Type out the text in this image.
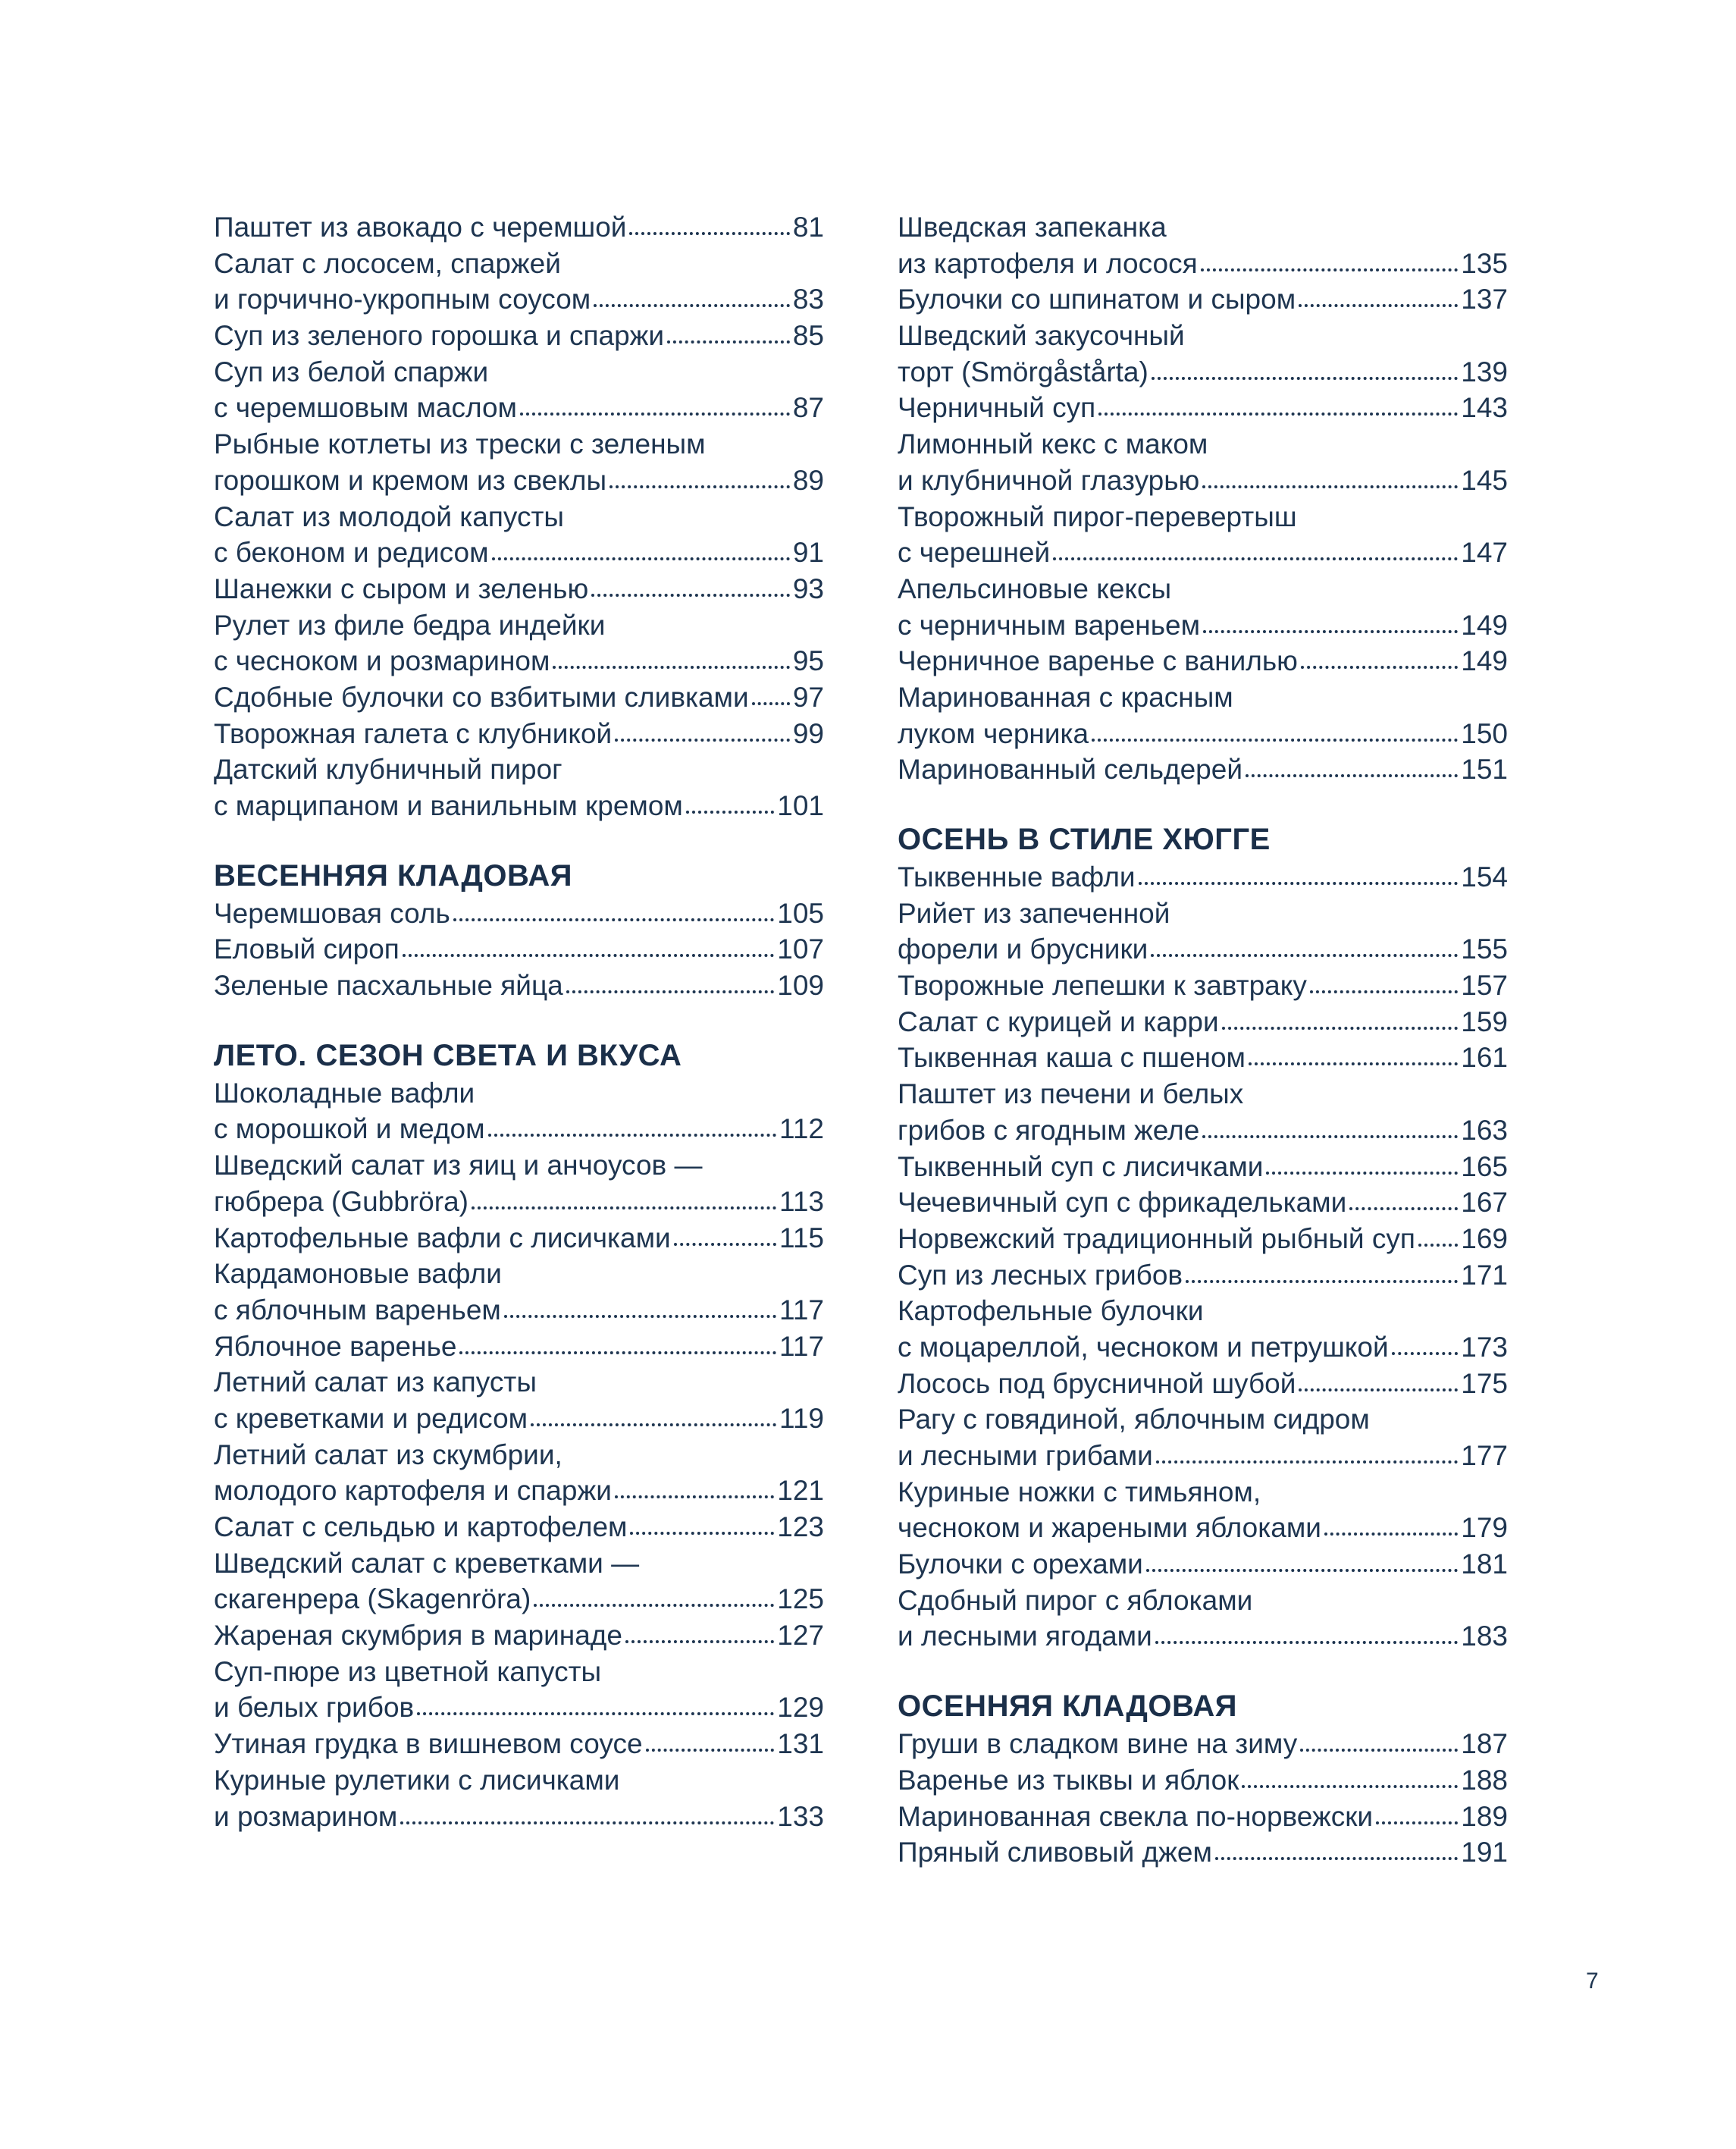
Паштет из авокадо с черемшой	81
Салат с лососем, спаржей
и горчично-укропным соусом	83
Суп из зеленого горошка и спаржи	85
Суп из белой спаржи
с черемшовым маслом	87
Рыбные котлеты из трески с зеленым
горошком и кремом из свеклы	89
Салат из молодой капусты
с беконом и редисом	91
Шанежки с сыром и зеленью	93
Рулет из филе бедра индейки
с чесноком и розмарином	95
Сдобные булочки со взбитыми сливками 97
Творожная галета с клубникой	99
Датский клубничный пирог
с марципаном и ванильным кремом	101
ВЕСЕННЯЯ КЛАДОВАЯ
Черемшовая соль	105
Еловый сироп	107
Зеленые пасхальные яйца	109
ЛЕТО. СЕЗОН СВЕТА И ВКУСА
Шоколадные вафли
с морошкой и медом	112
Шведский салат из яиц и анчоусов —
гюбрера (Gubbröra)	113
Картофельные вафли с лисичками	115
Кардамоновые вафли
с яблочным вареньем	117
Яблочное варенье	117
Летний салат из капусты
с креветками и редисом	119
Летний салат из скумбрии,
молодого картофеля и спаржи	121
Салат с сельдью и картофелем	123
Шведский салат с креветками —
скагенрера (Skagenröra)	125
Жареная скумбрия в маринаде	127
Суп-пюре из цветной капусты
и белых грибов	129
Утиная грудка в вишневом соусе	131
Куриные рулетики с лисичками
и розмарином	133
Шведская запеканка
из картофеля и лосося	135
Булочки со шпинатом и сыром	137
Шведский закусочный
торт (Smörgåstårta)	139
Черничный суп	143
Лимонный кекс с маком
и клубничной глазурью	145
Творожный пирог-перевертыш
с черешней	147
Апельсиновые кексы
с черничным вареньем	149
Черничное варенье с ванилью	149
Маринованная с красным
луком черника	150
Маринованный сельдерей	151
ОСЕНЬ В СТИЛЕ ХЮГГЕ
Тыквенные вафли	154
Рийет из запеченной
форели и брусники	155
Творожные лепешки к завтраку	157
Салат с курицей и карри	159
Тыквенная каша с пшеном	161
Паштет из печени и белых
грибов с ягодным желе	163
Тыквенный суп с лисичками	165
Чечевичный суп с фрикадельками	167
Норвежский традиционный рыбный суп 169
Суп из лесных грибов	171
Картофельные булочки
с моцареллой, чесноком и петрушкой	173
Лосось под брусничной шубой	175
Рагу с говядиной, яблочным сидром
и лесными грибами	177
Куриные ножки с тимьяном,
чесноком и жареными яблоками	179
Булочки с орехами	181
Сдобный пирог с яблоками
и лесными ягодами	183
ОСЕННЯЯ КЛАДОВАЯ
Груши в сладком вине на зиму	187
Варенье из тыквы и яблок	188
Маринованная свекла по-норвежски	189
Пряный сливовый джем	191
7
